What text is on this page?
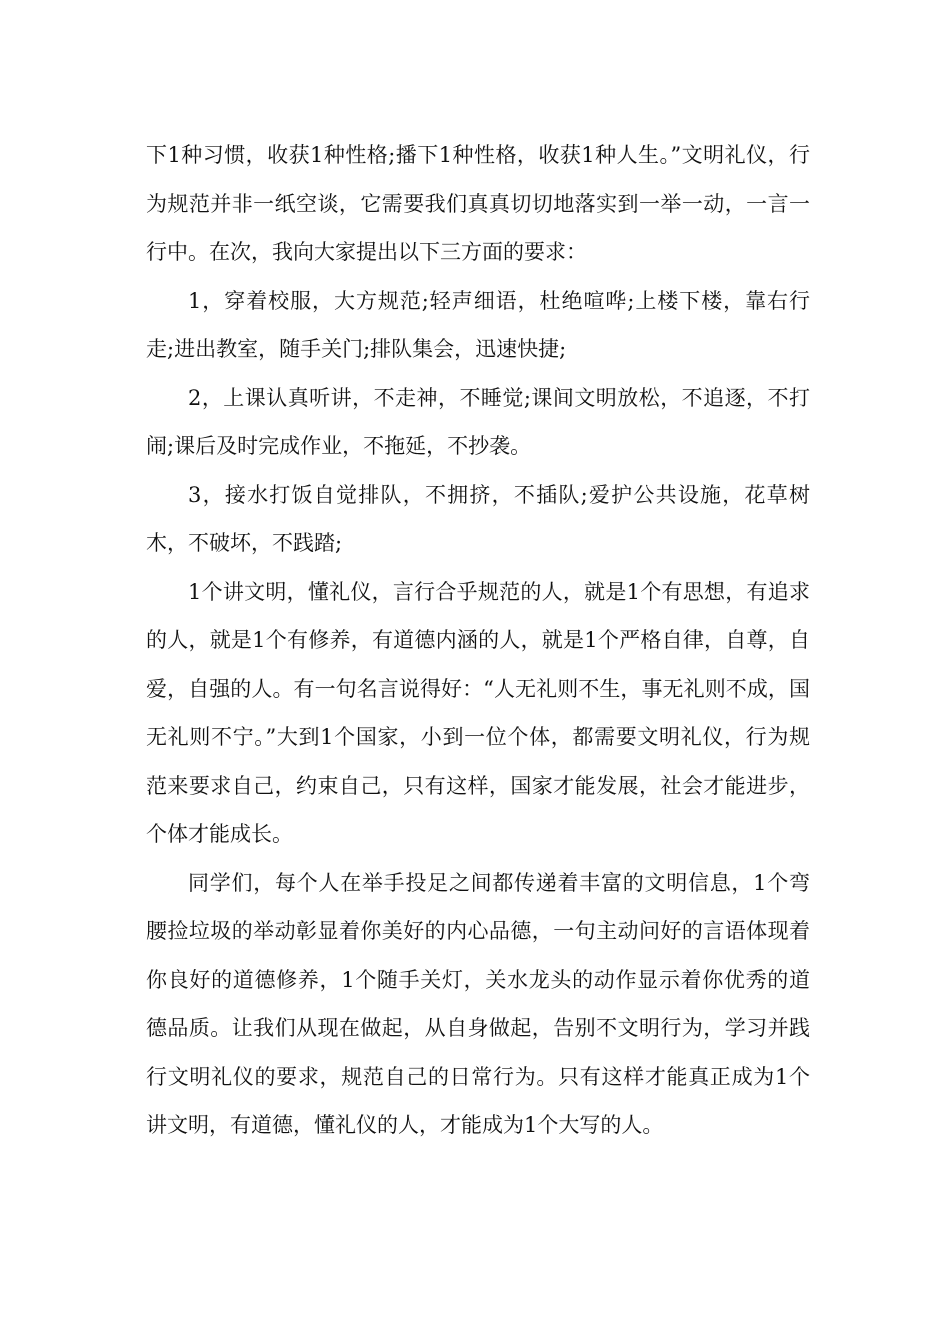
下1种习惯，收获1种性格;播下1种性格，收获1种人生。”文明礼仪，行为规范并非一纸空谈，它需要我们真真切切地落实到一举一动，一言一行中。在次，我向大家提出以下三方面的要求：

1，穿着校服，大方规范;轻声细语，杜绝喧哗;上楼下楼，靠右行走;进出教室，随手关门;排队集会，迅速快捷;

2，上课认真听讲，不走神，不睡觉;课间文明放松，不追逐，不打闹;课后及时完成作业，不拖延，不抄袭。

3，接水打饭自觉排队，不拥挤，不插队;爱护公共设施，花草树木，不破坏，不践踏;

1个讲文明，懂礼仪，言行合乎规范的人，就是1个有思想，有追求的人，就是1个有修养，有道德内涵的人，就是1个严格自律，自尊，自爱，自强的人。有一句名言说得好：“人无礼则不生，事无礼则不成，国无礼则不宁。”大到1个国家，小到一位个体，都需要文明礼仪，行为规范来要求自己，约束自己，只有这样，国家才能发展，社会才能进步，个体才能成长。

同学们，每个人在举手投足之间都传递着丰富的文明信息，1个弯腰捡垃圾的举动彰显着你美好的内心品德，一句主动问好的言语体现着你良好的道德修养，1个随手关灯，关水龙头的动作显示着你优秀的道德品质。让我们从现在做起，从自身做起，告别不文明行为，学习并践行文明礼仪的要求，规范自己的日常行为。只有这样才能真正成为1个讲文明，有道德，懂礼仪的人，才能成为1个大写的人。
